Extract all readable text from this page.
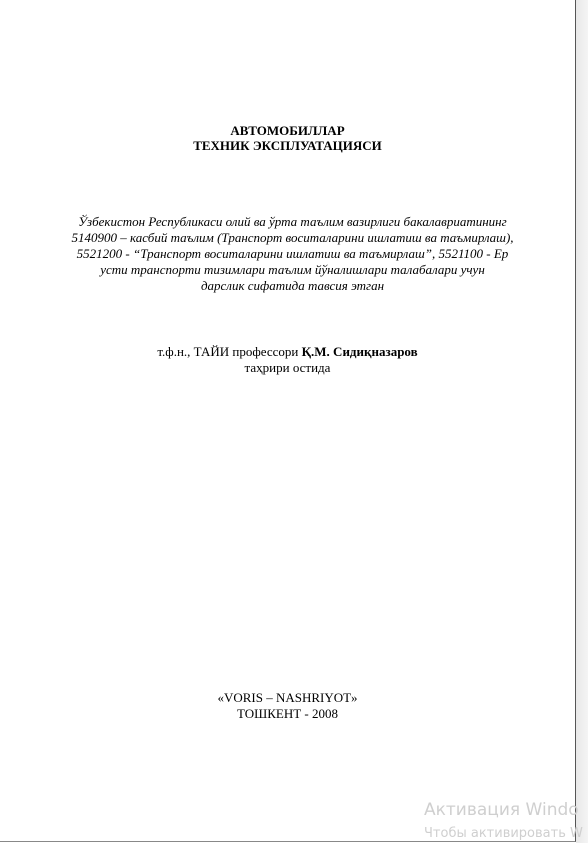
АВТОМОБИЛЛАР
ТЕХНИК ЭКСПЛУАТАЦИЯСИ
Ўзбекистон Республикаси олий ва ўрта таълим вазирлиги бакалавриатининг
5140900 – касбий таълим (Транспорт воситаларини ишлатиш ва таъмирлаш),
5521200 - “Транспорт воситаларини ишлатиш ва таъмирлаш”, 5521100 - Ер
усти транспорти тизимлари таълим йўналишлари талабалари учун
дарслик сифатида тавсия этган
т.ф.н., ТАЙИ профессори Қ.М. Сидиқназаров
таҳрири остида
«VORIS – NASHRIYOT»
ТОШКЕНТ - 2008
Активация Windo
Чтобы активировать W
